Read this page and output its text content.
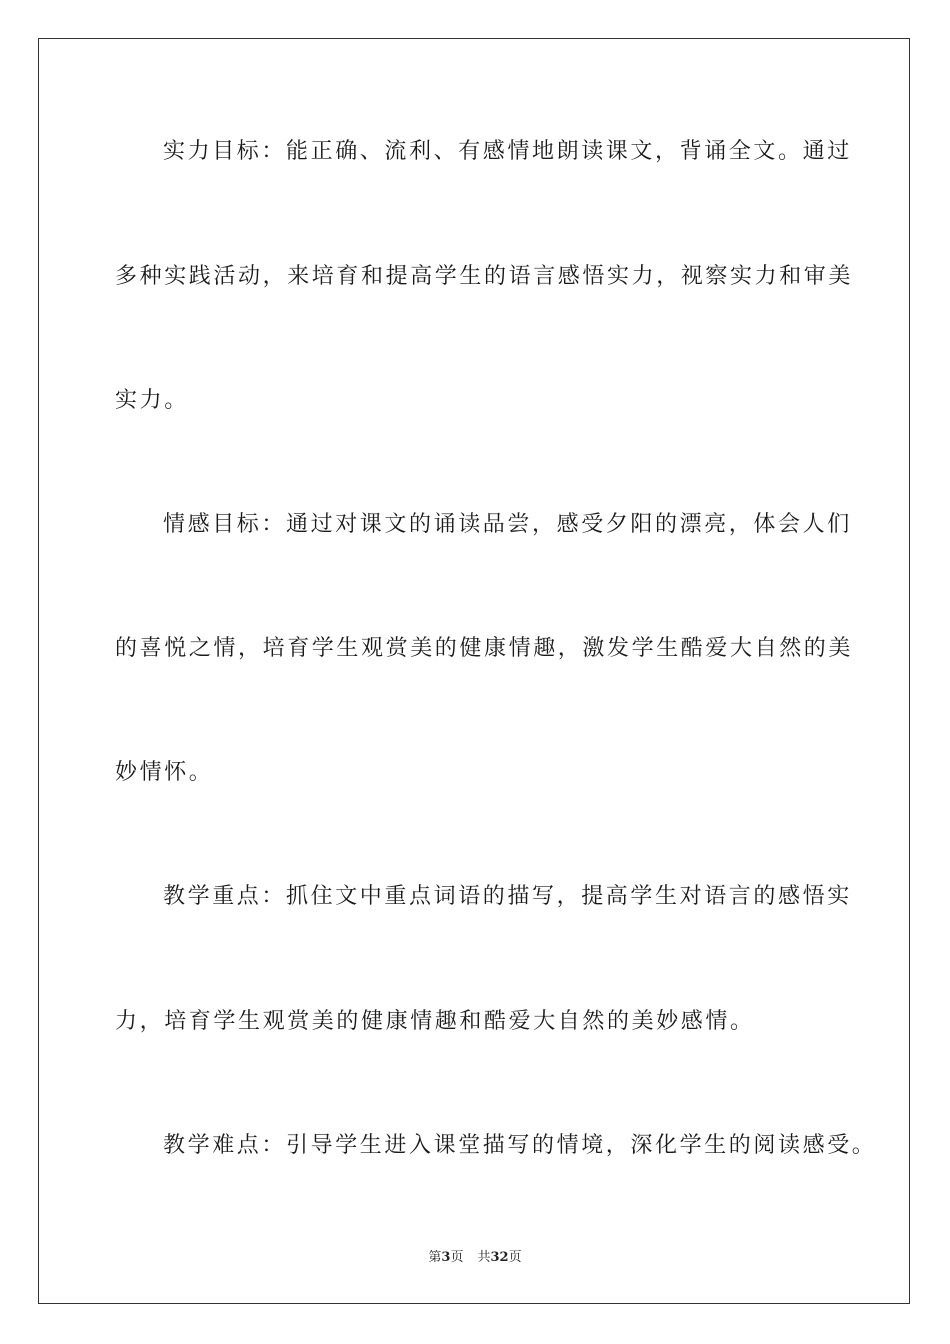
实力目标：能正确、流利、有感情地朗读课文，背诵全文。通过
多种实践活动，来培育和提高学生的语言感悟实力，视察实力和审美
实力。
情感目标：通过对课文的诵读品尝，感受夕阳的漂亮，体会人们
的喜悦之情，培育学生观赏美的健康情趣，激发学生酷爱大自然的美
妙情怀。
教学重点：抓住文中重点词语的描写，提高学生对语言的感悟实
力，培育学生观赏美的健康情趣和酷爱大自然的美妙感情。
教学难点：引导学生进入课堂描写的情境，深化学生的阅读感受。
第3页 共32页
